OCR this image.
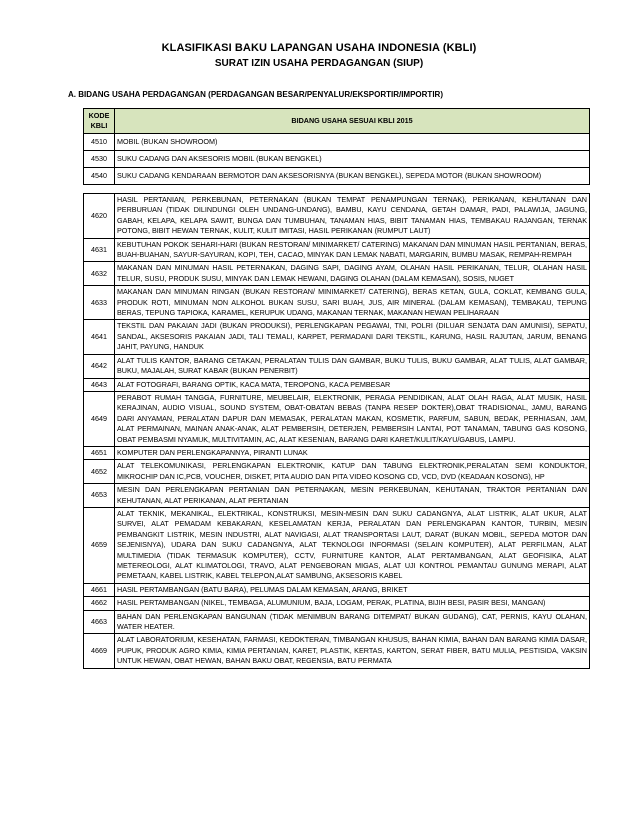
KLASIFIKASI BAKU LAPANGAN USAHA INDONESIA (KBLI)
SURAT IZIN USAHA PERDAGANGAN (SIUP)
A. BIDANG USAHA PERDAGANGAN (PERDAGANGAN BESAR/PENYALUR/EKSPORTIR/IMPORTIR)
KODE
KBLI	BIDANG USAHA SESUAI KBLI 2015
4510	MOBIL (BUKAN SHOWROOM)
4530	SUKU CADANG DAN AKSESORIS MOBIL (BUKAN BENGKEL)
4540	SUKU CADANG KENDARAAN BERMOTOR DAN AKSESORISNYA (BUKAN BENGKEL), SEPEDA MOTOR (BUKAN SHOWROOM)
4620	HASIL PERTANIAN, PERKEBUNAN, PETERNAKAN (BUKAN TEMPAT PENAMPUNGAN TERNAK), PERIKANAN, KEHUTANAN DAN PERBURUAN (TIDAK DILINDUNGI OLEH UNDANG-UNDANG), BAMBU, KAYU CENDANA, GETAH DAMAR, PADI, PALAWIJA, JAGUNG, GABAH, KELAPA, KELAPA SAWIT, BUNGA DAN TUMBUHAN, TANAMAN HIAS, BIBIT TANAMAN HIAS, TEMBAKAU RAJANGAN, TERNAK POTONG, BIBIT HEWAN TERNAK, KULIT, KULIT IMITASI, HASIL PERIKANAN (RUMPUT LAUT)
4631	KEBUTUHAN POKOK SEHARI-HARI (BUKAN RESTORAN/ MINIMARKET/ CATERING) MAKANAN DAN MINUMAN HASIL PERTANIAN, BERAS, BUAH-BUAHAN, SAYUR-SAYURAN, KOPI, TEH, CACAO, MINYAK DAN LEMAK NABATI, MARGARIN, BUMBU MASAK, REMPAH-REMPAH
4632	MAKANAN DAN MINUMAN HASIL PETERNAKAN, DAGING SAPI, DAGING AYAM, OLAHAN HASIL PERIKANAN, TELUR, OLAHAN HASIL TELUR, SUSU, PRODUK SUSU, MINYAK DAN LEMAK HEWANI, DAGING OLAHAN (DALAM KEMASAN), SOSIS, NUGET
4633	MAKANAN DAN MINUMAN RINGAN (BUKAN RESTORAN/ MINIMARKET/ CATERING), BERAS KETAN, GULA, COKLAT, KEMBANG GULA, PRODUK ROTI, MINUMAN NON ALKOHOL BUKAN SUSU, SARI BUAH, JUS, AIR MINERAL (DALAM KEMASAN), TEMBAKAU, TEPUNG BERAS, TEPUNG TAPIOKA, KARAMEL, KERUPUK UDANG, MAKANAN TERNAK, MAKANAN HEWAN PELIHARAAN
4641	TEKSTIL DAN PAKAIAN JADI (BUKAN PRODUKSI), PERLENGKAPAN PEGAWAI, TNI, POLRI (DILUAR SENJATA DAN AMUNISI), SEPATU, SANDAL, AKSESORIS PAKAIAN JADI, TALI TEMALI, KARPET, PERMADANI DARI TEKSTIL, KARUNG, HASIL RAJUTAN, JARUM, BENANG JAHIT, PAYUNG, HANDUK
4642	ALAT TULIS KANTOR, BARANG CETAKAN, PERALATAN TULIS DAN GAMBAR, BUKU TULIS, BUKU GAMBAR, ALAT TULIS, ALAT GAMBAR, BUKU, MAJALAH, SURAT KABAR (BUKAN PENERBIT)
4643	ALAT FOTOGRAFI, BARANG OPTIK, KACA MATA, TEROPONG, KACA PEMBESAR
4649	PERABOT RUMAH TANGGA, FURNITURE, MEUBELAIR, ELEKTRONIK, PERAGA PENDIDIKAN, ALAT OLAH RAGA, ALAT MUSIK, HASIL KERAJINAN, AUDIO VISUAL, SOUND SYSTEM, OBAT-OBATAN BEBAS (TANPA RESEP DOKTER),OBAT TRADISIONAL, JAMU, BARANG DARI ANYAMAN, PERALATAN DAPUR DAN MEMASAK, PERALATAN MAKAN, KOSMETIK, PARFUM, SABUN, BEDAK, PERHIASAN, JAM, ALAT PERMAINAN, MAINAN ANAK-ANAK, ALAT PEMBERSIH, DETERJEN, PEMBERSIH LANTAI, POT TANAMAN, TABUNG GAS KOSONG, OBAT PEMBASMI NYAMUK, MULTIVITAMIN, AC, ALAT KESENIAN, BARANG DARI KARET/KULIT/KAYU/GABUS, LAMPU.
4651	KOMPUTER DAN PERLENGKAPANNYA, PIRANTI LUNAK
4652	ALAT TELEKOMUNIKASI, PERLENGKAPAN ELEKTRONIK, KATUP DAN TABUNG ELEKTRONIK,PERALATAN SEMI KONDUKTOR, MIKROCHIP DAN IC,PCB, VOUCHER, DISKET, PITA AUDIO DAN PITA VIDEO KOSONG CD, VCD, DVD (KEADAAN KOSONG), HP
4653	MESIN DAN PERLENGKAPAN PERTANIAN DAN PETERNAKAN, MESIN PERKEBUNAN, KEHUTANAN, TRAKTOR PERTANIAN DAN KEHUTANAN, ALAT PERIKANAN, ALAT PERTANIAN
4659	ALAT TEKNIK, MEKANIKAL, ELEKTRIKAL, KONSTRUKSI, MESIN-MESIN DAN SUKU CADANGNYA, ALAT LISTRIK, ALAT UKUR, ALAT SURVEI, ALAT PEMADAM KEBAKARAN, KESELAMATAN KERJA, PERALATAN DAN PERLENGKAPAN KANTOR, TURBIN, MESIN PEMBANGKIT LISTRIK, MESIN INDUSTRI, ALAT NAVIGASI, ALAT TRANSPORTASI LAUT, DARAT (BUKAN MOBIL, SEPEDA MOTOR DAN SEJENISNYA), UDARA DAN SUKU CADANGNYA, ALAT TEKNOLOGI INFORMASI (SELAIN KOMPUTER), ALAT PERFILMAN, ALAT MULTIMEDIA (TIDAK TERMASUK KOMPUTER), CCTV, FURNITURE KANTOR, ALAT PERTAMBANGAN, ALAT GEOFISIKA, ALAT METEREOLOGI, ALAT KLIMATOLOGI, TRAVO, ALAT PENGEBORAN MIGAS, ALAT UJI KONTROL PEMANTAU GUNUNG MERAPI, ALAT PEMETAAN, KABEL LISTRIK, KABEL TELEPON,ALAT SAMBUNG, AKSESORIS KABEL
4661	HASIL PERTAMBANGAN (BATU BARA), PELUMAS DALAM KEMASAN, ARANG, BRIKET
4662	HASIL PERTAMBANGAN (NIKEL, TEMBAGA, ALUMUNIUM, BAJA, LOGAM, PERAK, PLATINA, BIJIH BESI, PASIR BESI, MANGAN)
4663	BAHAN DAN PERLENGKAPAN BANGUNAN (TIDAK MENIMBUN BARANG DITEMPAT/ BUKAN GUDANG), CAT, PERNIS, KAYU OLAHAN, WATER HEATER.
4669	ALAT LABORATORIUM, KESEHATAN, FARMASI, KEDOKTERAN, TIMBANGAN KHUSUS, BAHAN KIMIA, BAHAN DAN BARANG KIMIA DASAR, PUPUK, PRODUK AGRO KIMIA, KIMIA PERTANIAN, KARET, PLASTIK, KERTAS, KARTON, SERAT FIBER, BATU MULIA, PESTISIDA, VAKSIN UNTUK HEWAN, OBAT HEWAN, BAHAN BAKU OBAT, REGENSIA, BATU PERMATA
